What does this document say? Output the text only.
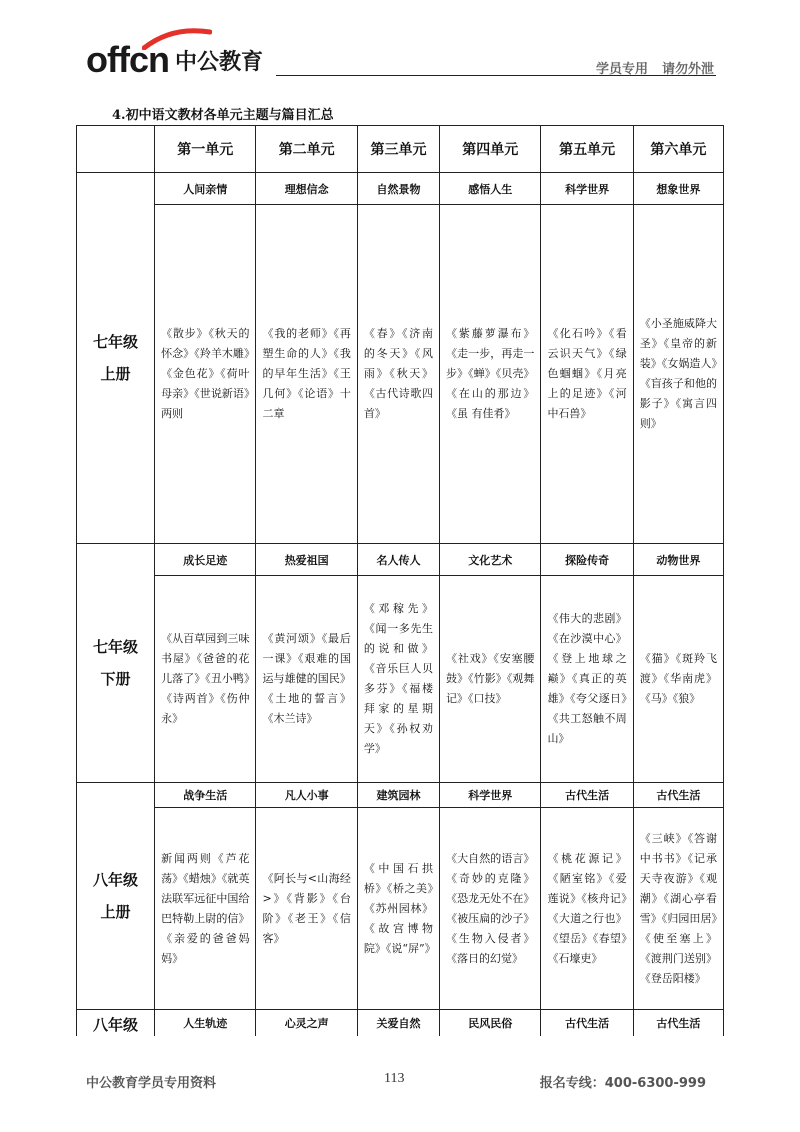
offcn 中公教育	学员专用 请勿外泄
4.初中语文教材各单元主题与篇目汇总
	第一单元	第二单元	第三单元	第四单元	第五单元	第六单元

七年级
上册	人间亲情	理想信念	自然景物	感悟人生	科学世界	想象世界
	《散步》《秋天的怀念》《羚羊木雕》《金色花》《荷叶母亲》《世说新语》两则	《我的老师》《再塑生命的人》《我的早年生活》《王几何》《论语》十二章	《春》《济南的冬天》《风雨》《秋天》《古代诗歌四首》	《紫藤萝瀑布》《走一步，再走一步》《蝉》《贝壳》《在山的那边》《虽 有佳肴》	《化石吟》《看云识天气》《绿色蝈蝈》《月亮上的足迹》《河中石兽》	《小圣施威降大圣》《皇帝的新装》《女娲造人》《盲孩子和他的影子》《寓言四则》

七年级
下册	成长足迹	热爱祖国	名人传人	文化艺术	探险传奇	动物世界
	《从百草园到三味书屋》《爸爸的花儿落了》《丑小鸭》《诗两首》《伤仲永》	《黄河颂》《最后一课》《艰难的国运与雄健的国民》《土地的誓言》《木兰诗》	《邓稼先》《闻一多先生的说和做》《音乐巨人贝多芬》《福楼拜家的星期天》《孙权劝学》	《社戏》《安塞腰鼓》《竹影》《观舞记》《口技》	《伟大的悲剧》《在沙漠中心》《登上地球之巅》《真正的英雄》《夸父逐日》《共工怒触不周山》	《猫》《斑羚飞渡》《华南虎》《马》《狼》

八年级
上册	战争生活	凡人小事	建筑园林	科学世界	古代生活	古代生活
	新闻两则《芦花荡》《蜡烛》《就英法联军远征中国给巴特勒上尉的信》《亲爱的爸爸妈妈》	《阿长与<山海经>》《背影》《台阶》《老王》《信客》	《中国石拱桥》《桥之美》《苏州园林》《故宫博物院》《说“屏”》	《大自然的语言》《奇妙的克隆》《恐龙无处不在》《被压扁的沙子》《生物入侵者》《落日的幻觉》	《桃花源记》《陋室铭》《爱莲说》《核舟记》《大道之行也》《望岳》《春望》《石壕吏》	《三峡》《答谢中书书》《记承天寺夜游》《观潮》《湖心亭看雪》《归园田居》《使至塞上》《渡荆门送别》《登岳阳楼》

八年级	人生轨迹	心灵之声	关爱自然	民风民俗	古代生活	古代生活

中公教育学员专用资料	113	报名专线：400-6300-999
